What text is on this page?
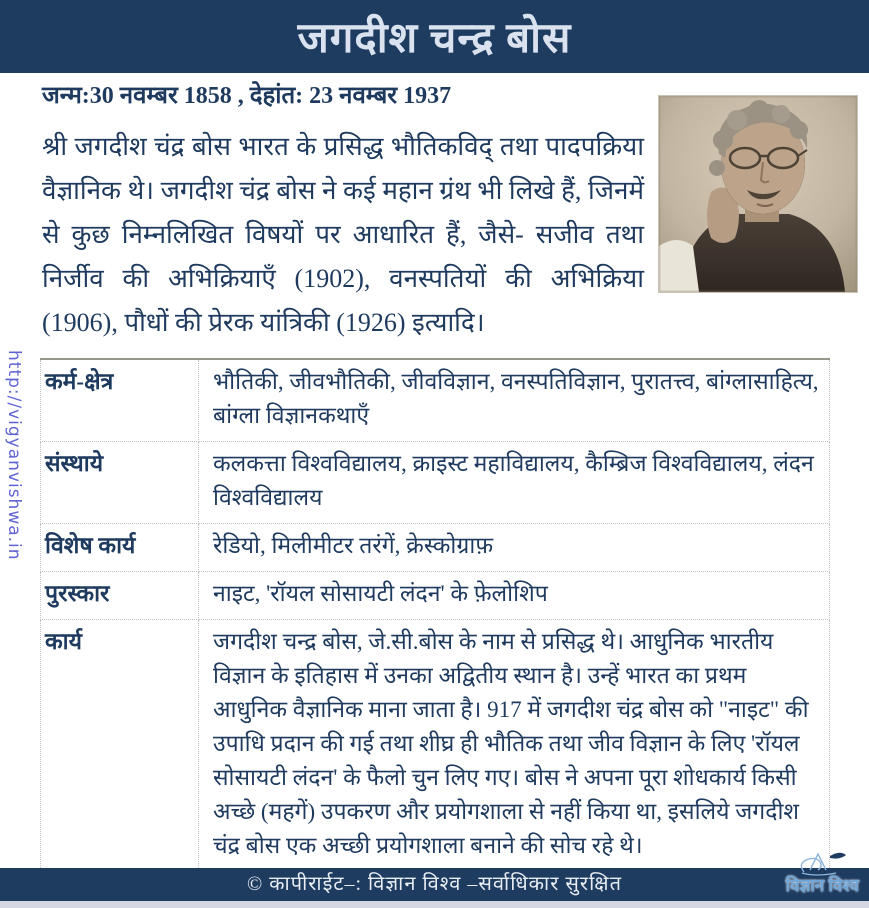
जगदीश चन्द्र बोस
जन्म:30 नवम्बर 1858 , देहांत: 23 नवम्बर 1937

श्री जगदीश चंद्र बोस भारत के प्रसिद्ध भौतिकविद् तथा पादपक्रिया वैज्ञानिक थे। जगदीश चंद्र बोस ने कई महान ग्रंथ भी लिखे हैं, जिनमें से कुछ निम्नलिखित विषयों पर आधारित हैं, जैसे- सजीव तथा निर्जीव की अभिक्रियाएँ (1902), वनस्पतियों की अभिक्रिया (1906), पौधों की प्रेरक यांत्रिकी (1926) इत्यादि।

कर्म-क्षेत्र	भौतिकी, जीवभौतिकी, जीवविज्ञान, वनस्पतिविज्ञान, पुरातत्त्व, बांग्लासाहित्य, बांग्ला विज्ञानकथाएँ
संस्थाये	कलकत्ता विश्वविद्यालय, क्राइस्ट महाविद्यालय, कैम्ब्रिज विश्वविद्यालय, लंदन विश्वविद्यालय
विशेष कार्य	रेडियो, मिलीमीटर तरंगें, क्रेस्कोग्राफ़
पुरस्कार	नाइट, 'रॉयल सोसायटी लंदन' के फ़ेलोशिप
कार्य	जगदीश चन्द्र बोस, जे.सी.बोस के नाम से प्रसिद्ध थे। आधुनिक भारतीय विज्ञान के इतिहास में उनका अद्वितीय स्थान है। उन्हें भारत का प्रथम आधुनिक वैज्ञानिक माना जाता है। 917 में जगदीश चंद्र बोस को "नाइट" की उपाधि प्रदान की गई तथा शीघ्र ही भौतिक तथा जीव विज्ञान के लिए 'रॉयल सोसायटी लंदन' के फैलो चुन लिए गए। बोस ने अपना पूरा शोधकार्य किसी अच्छे (महगें) उपकरण और प्रयोगशाला से नहीं किया था, इसलिये जगदीश चंद्र बोस एक अच्छी प्रयोगशाला बनाने की सोच रहे थे।
http://vigyanvishwa.in
विज्ञान विश्व
© कापीराईट–: विज्ञान विश्व –सर्वाधिकार सुरक्षित
